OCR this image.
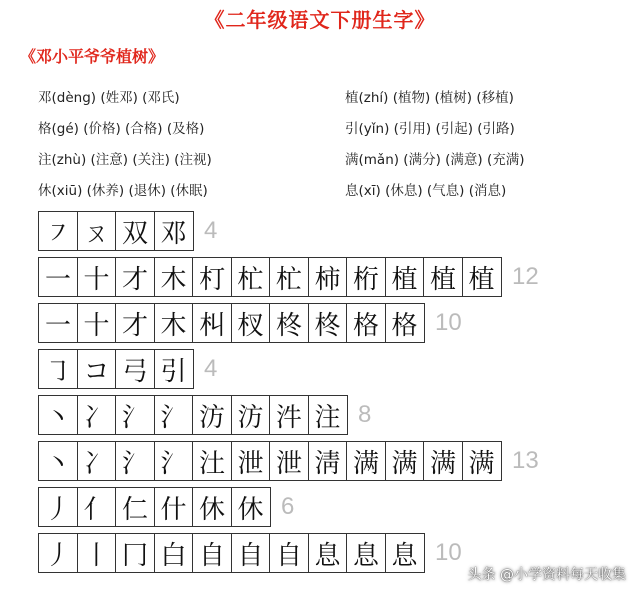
《二年级语文下册生字》
《邓小平爷爷植树》
邓(dèng) (姓邓) (邓氏)
格(gé) (价格) (合格) (及格)
注(zhù) (注意) (关注) (注视)
休(xiū) (休养) (退休) (休眠)
植(zhí) (植物) (植树) (移植)
引(yǐn) (引用) (引起) (引路)
满(mǎn) (满分) (满意) (充满)
息(xī) (休息) (气息) (消息)
㇇ ㄡ 双 邓 4
一 十 才 木 朾 杧 杧 柿 桁 植 植 植 12
一 十 才 木 朻 杈 柊 柊 格 格 10
㇆ コ 弓 引 4
丶 冫 氵 氵 汸 汸 汼 注 8
丶 冫 氵 氵 汢 泄 泄 淸 满 满 满 满 13
丿 亻 仁 什 休 休 6
丿 丨 冂 白 自 自 自 息 息 息 10
头条 @小学资料每天收集
